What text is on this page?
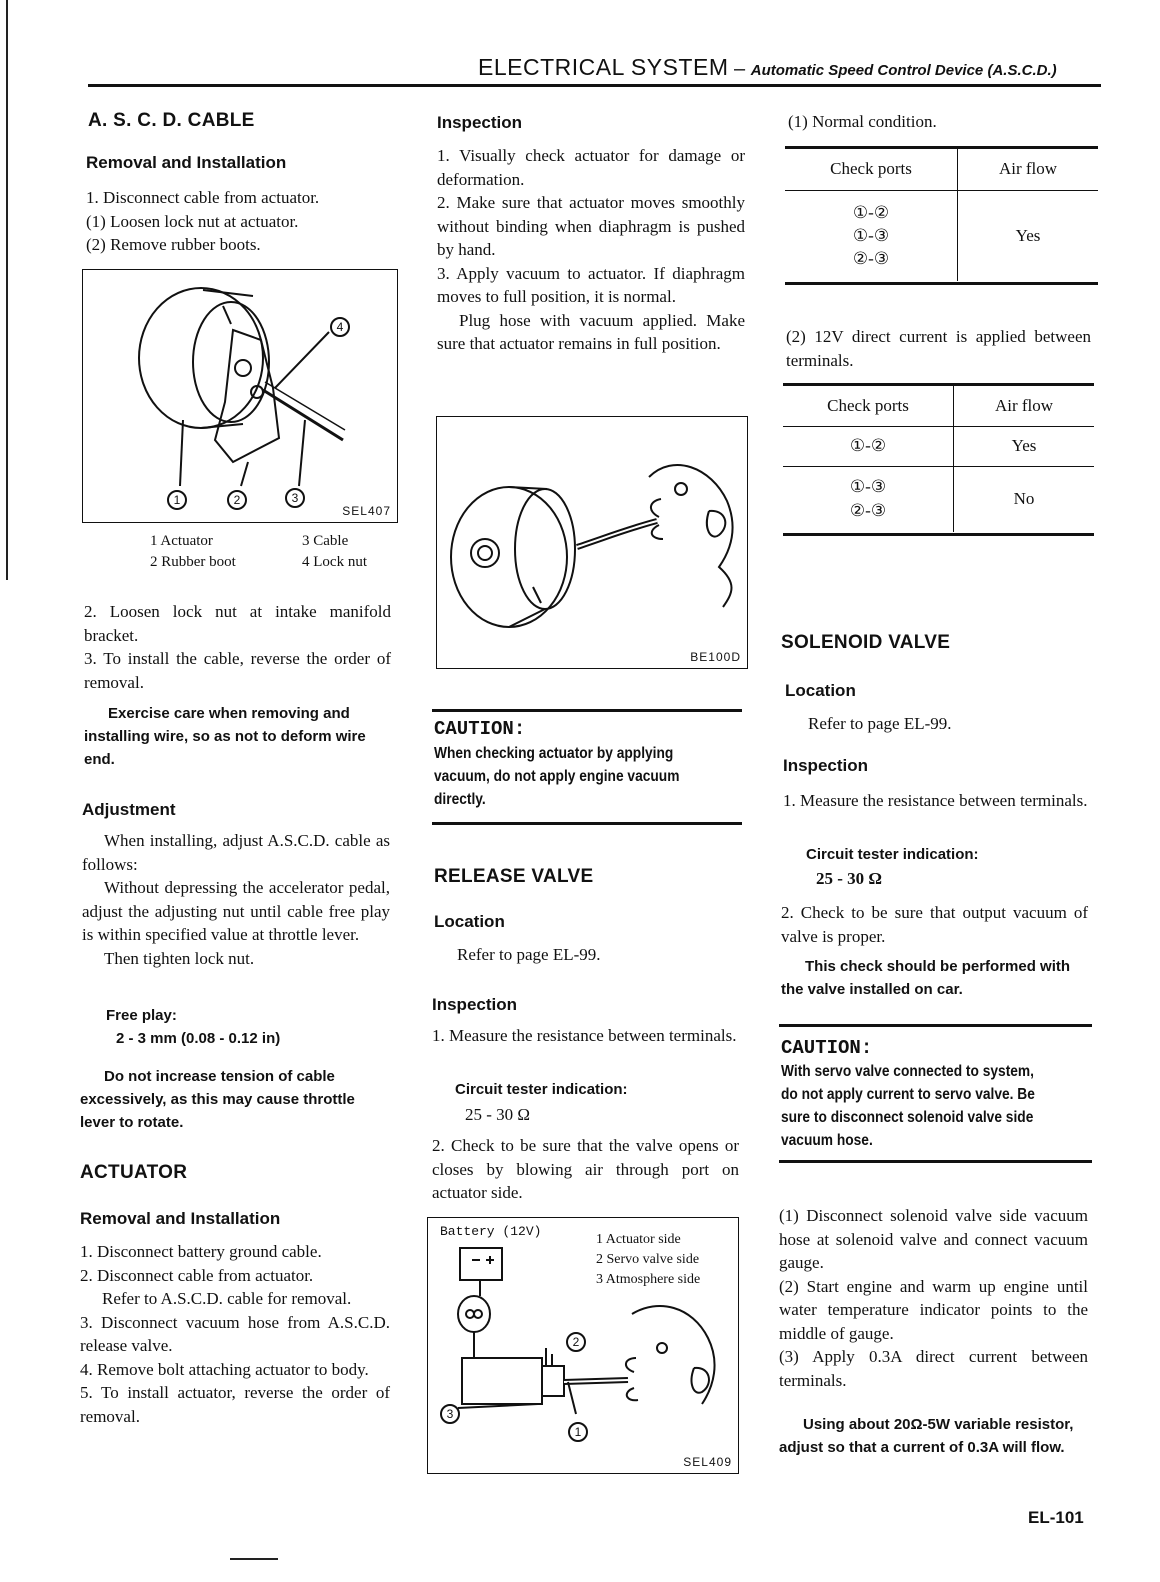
ELECTRICAL SYSTEM – Automatic Speed Control Device (A.S.C.D.)
A. S. C. D. CABLE
Removal and Installation

1. Disconnect cable from actuator.

(1) Loosen lock nut at actuator.

(2) Remove rubber boots.

4
1	2	3
SEL407
1 Actuator	3 Cable
2 Rubber boot	4 Lock nut
2. Loosen lock nut at intake manifold bracket.
3. To install the cable, reverse the order of removal.
Exercise care when removing and installing wire, so as not to deform wire end.
Adjustment

When installing, adjust A.S.C.D. cable as follows:

Without depressing the accelerator pedal, adjust the adjusting nut until cable free play is within specified value at throttle lever.

Then tighten lock nut.

Free play:
2 - 3 mm (0.08 - 0.12 in)
Do not increase tension of cable excessively, as this may cause throttle lever to rotate.
ACTUATOR
Removal and Installation

1. Disconnect battery ground cable.

2. Disconnect cable from actuator.

Refer to A.S.C.D. cable for removal.

3. Disconnect vacuum hose from A.S.C.D. release valve.

4. Remove bolt attaching actuator to body.

5. To install actuator, reverse the order of removal.

Inspection

1. Visually check actuator for damage or deformation.

2. Make sure that actuator moves smoothly without binding when diaphragm is pushed by hand.

3. Apply vacuum to actuator. If diaphragm moves to full position, it is normal.

Plug hose with vacuum applied. Make sure that actuator remains in full position.

BE100D
CAUTION:
When checking actuator by applying vacuum, do not apply engine vacuum directly.
RELEASE VALVE
Location
Refer to page EL-99.
Inspection
1. Measure the resistance between terminals.
Circuit tester indication:
25 - 30 Ω
2. Check to be sure that the valve opens or closes by blowing air through port on actuator side.
Battery (12V)
1 Actuator side
2 Servo valve side
3 Atmosphere side
2
1
3
SEL409
(1) Normal condition.
Check ports	Air flow

①-②
①-③
②-③	Yes
(2) 12V direct current is applied between terminals.
Check ports	Air flow
①-②	Yes

①-③
②-③	No
SOLENOID VALVE
Location
Refer to page EL-99.
Inspection
1. Measure the resistance between terminals.
Circuit tester indication:
25 - 30 Ω
2. Check to be sure that output vacuum of valve is proper.
This check should be performed with the valve installed on car.
CAUTION:
With servo valve connected to system, do not apply current to servo valve. Be sure to disconnect solenoid valve side vacuum hose.

(1) Disconnect solenoid valve side vacuum hose at solenoid valve and connect vacuum gauge.

(2) Start engine and warm up engine until water temperature indicator points to the middle of gauge.

(3) Apply 0.3A direct current between terminals.

Using about 20Ω-5W variable resistor, adjust so that a current of 0.3A will flow.
EL-101
